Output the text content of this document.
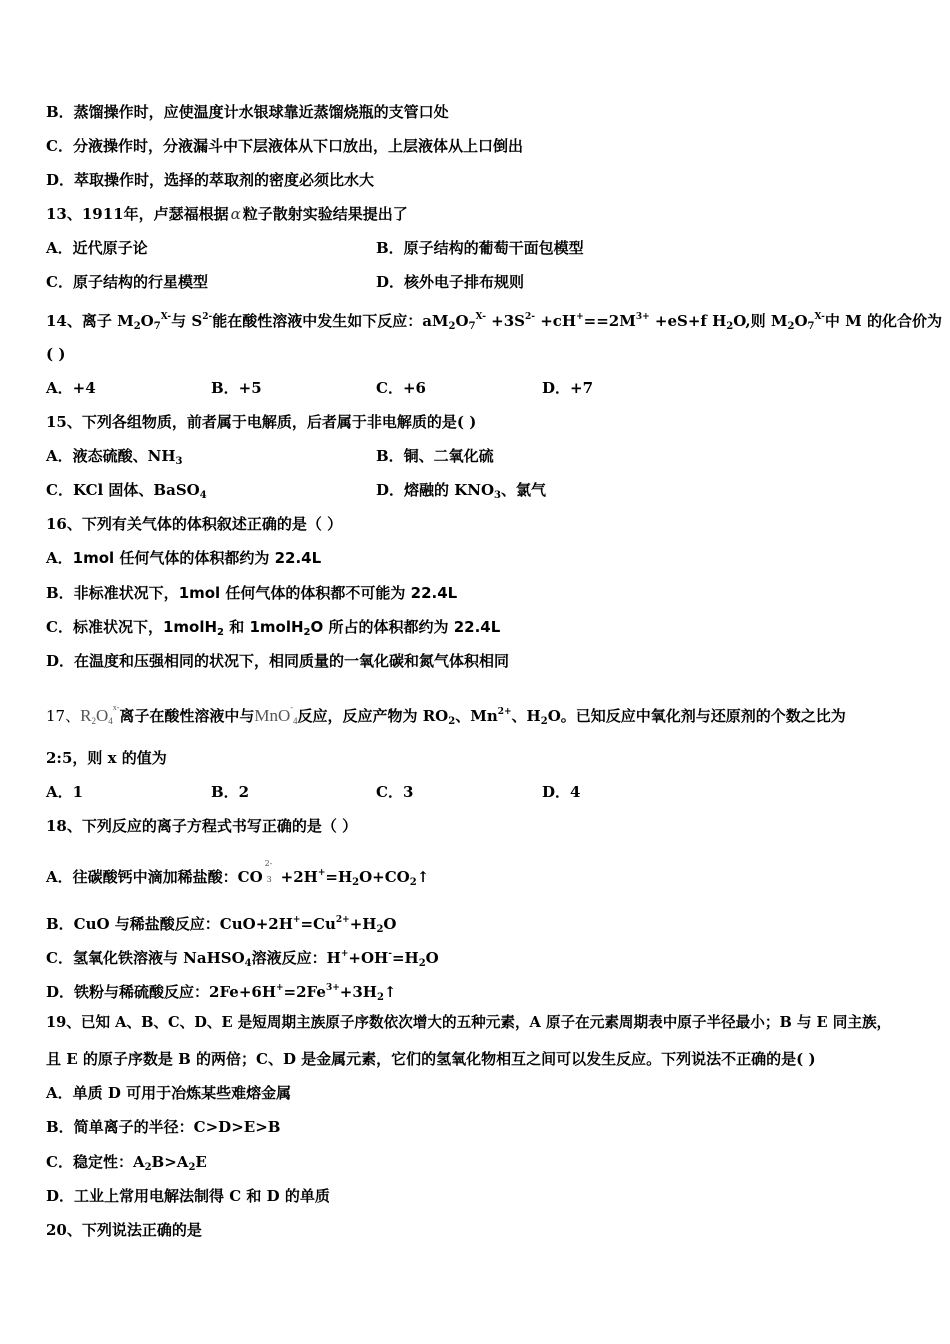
B．蒸馏操作时，应使温度计水银球靠近蒸馏烧瓶的支管口处
C．分液操作时，分液漏斗中下层液体从下口放出，上层液体从上口倒出
D．萃取操作时，选择的萃取剂的密度必须比水大
13、1911年，卢瑟福根据 α 粒子散射实验结果提出了
A．近代原子论	B．原子结构的葡萄干面包模型
C．原子结构的行星模型	D．核外电子排布规则
14、离子 $M_2O_7^{X-}$与 $S^{2-}$能在酸性溶液中发生如下反应：$aM_2O_7^{X-} +3S^{2-} +cH^+==2M^{3+} +eS+f$ $H_2O$,则 $M_2O_7^{X-}$中 M 的化合价为
( )
A．+4	B．+5	C．+6	D．+7
15、下列各组物质，前者属于电解质，后者属于非电解质的是( )
A．液态硫酸、$NH_3$	B．铜、二氧化硫
C．KCl 固体、BaSO$_4$	D．熔融的 $KNO_3$、氯气
16、下列有关气体的体积叙述正确的是（ ）
A．1mol 任何气体的体积都约为 22.4L
B．非标准状况下，1mol 任何气体的体积都不可能为 22.4L
C．标准状况下，1molH$_2$ 和 1molH$_2$O 所占的体积都约为 22.4L
D．在温度和压强相同的状况下，相同质量的一氧化碳和氮气体积相同
17、$R_2O_4^{x-}$离子在酸性溶液中与MnO-$_4$反应，反应产物为 $RO_2$、$Mn^{2+}$、$H_2O$。已知反应中氧化剂与还原剂的个数之比为
2:5，则 x 的值为
A．1	B．2	C．3	D．4
18、下列反应的离子方程式书写正确的是（ ）
A．往碳酸钙中滴加稀盐酸：CO
2-
$3 +2H^+=H_2O+CO_2↑$
B．CuO 与稀盐酸反应：$CuO+2H^+=Cu^{2+}+H_2O$
C．氢氧化铁溶液与 NaHSO$_4$溶液反应：$H^++OH^-=H_2O$
D．铁粉与稀硫酸反应：$2Fe+6H^+=2Fe^{3+}+3H_2↑$
19、已知 A、B、C、D、E 是短周期主族原子序数依次增大的五种元素，A 原子在元素周期表中原子半径最小；B 与 E 同主族，
且 E 的原子序数是 B 的两倍；C、D 是金属元素，它们的氢氧化物相互之间可以发生反应。下列说法不正确的是( )
A．单质 D 可用于冶炼某些难熔金属
B．简单离子的半径：C>D>E>B
C．稳定性：$A_2B>A_2E$
D．工业上常用电解法制得 C 和 D 的单质
20、下列说法正确的是
